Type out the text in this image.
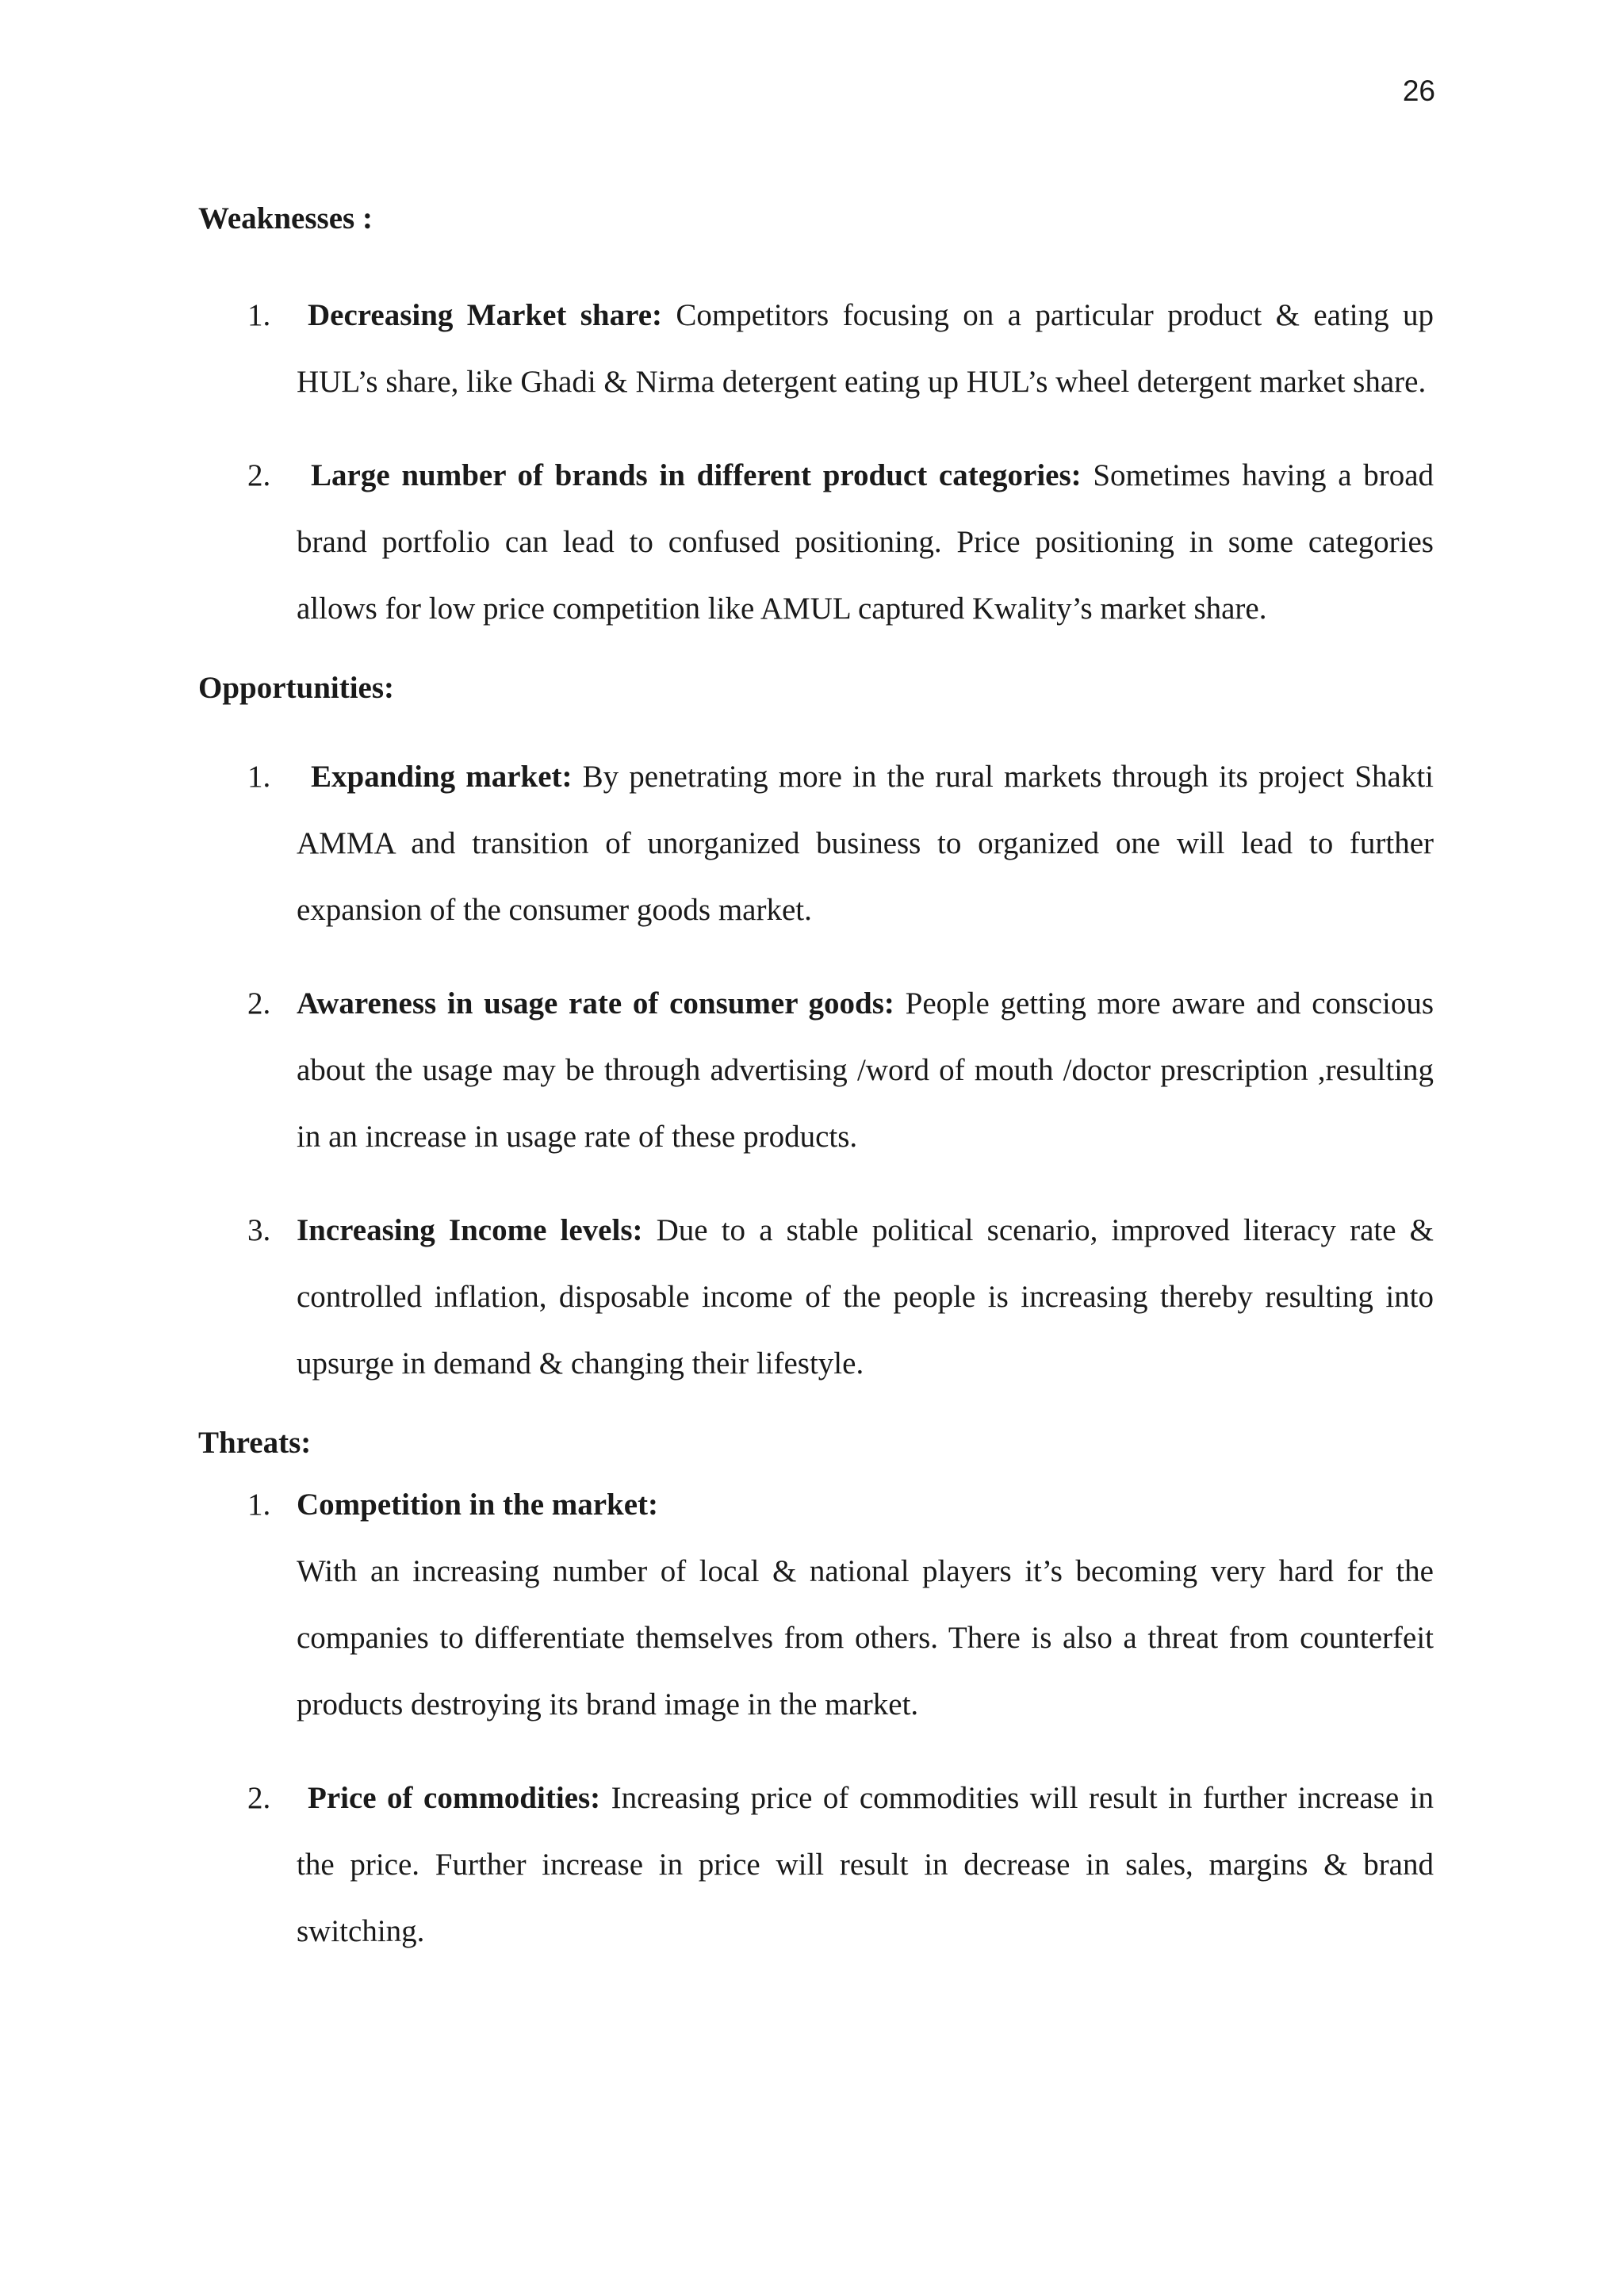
26

Weaknesses :

1. Decreasing Market share: Competitors focusing on a particular product & eating up HUL’s share, like Ghadi & Nirma detergent eating up HUL’s wheel detergent market share.
2. Large number of brands in different product categories: Sometimes having a broad brand portfolio can lead to confused positioning. Price positioning in some categories allows for low price competition like AMUL captured Kwality’s market share.

Opportunities:

1. Expanding market: By penetrating more in the rural markets through its project Shakti AMMA and transition of unorganized business to organized one will lead to further expansion of the consumer goods market.
2. Awareness in usage rate of consumer goods: People getting more aware and conscious about the usage may be through advertising /word of mouth /doctor prescription ,resulting in an increase in usage rate of these products.
3. Increasing Income levels: Due to a stable political scenario, improved literacy rate & controlled inflation, disposable income of the people is increasing thereby resulting into upsurge in demand & changing their lifestyle.

Threats:

1. Competition in the market:
With an increasing number of local & national players it’s becoming very hard for the companies to differentiate themselves from others. There is also a threat from counterfeit products destroying its brand image in the market.
2. Price of commodities: Increasing price of commodities will result in further increase in the price. Further increase in price will result in decrease in sales, margins & brand switching.
